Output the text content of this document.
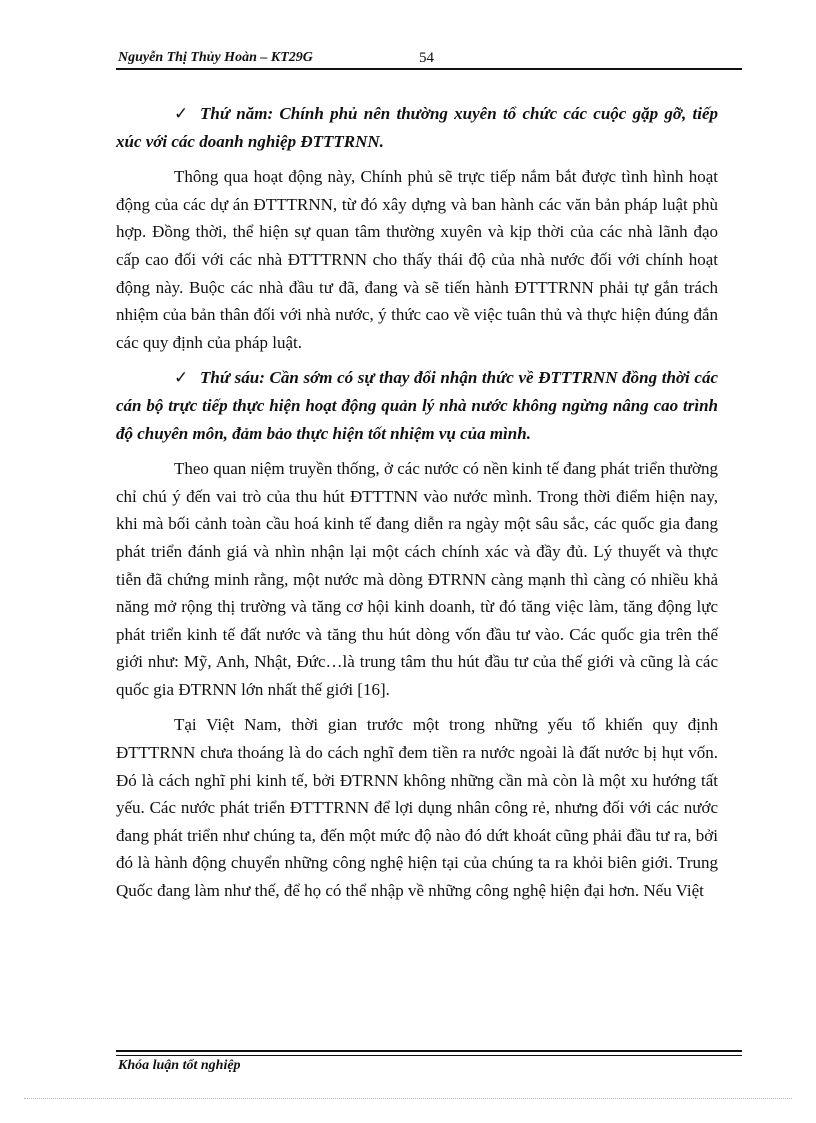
Nguyễn Thị Thủy Hoàn – KT29G	54

✓ Thứ năm: Chính phủ nên thường xuyên tổ chức các cuộc gặp gỡ, tiếp xúc với các doanh nghiệp ĐTTTRNN.

Thông qua hoạt động này, Chính phủ sẽ trực tiếp nắm bắt được tình hình hoạt động của các dự án ĐTTTRNN, từ đó xây dựng và ban hành các văn bản pháp luật phù hợp. Đồng thời, thể hiện sự quan tâm thường xuyên và kịp thời của các nhà lãnh đạo cấp cao đối với các nhà ĐTTTRNN cho thấy thái độ của nhà nước đối với chính hoạt động này. Buộc các nhà đầu tư đã, đang và sẽ tiến hành ĐTTTRNN phải tự gắn trách nhiệm của bản thân đối với nhà nước, ý thức cao về việc tuân thủ và thực hiện đúng đắn các quy định của pháp luật.

✓ Thứ sáu: Cần sớm có sự thay đổi nhận thức về ĐTTTRNN đồng thời các cán bộ trực tiếp thực hiện hoạt động quản lý nhà nước không ngừng nâng cao trình độ chuyên môn, đảm bảo thực hiện tốt nhiệm vụ của mình.

Theo quan niệm truyền thống, ở các nước có nền kinh tế đang phát triển thường chỉ chú ý đến vai trò của thu hút ĐTTTNN vào nước mình. Trong thời điểm hiện nay, khi mà bối cảnh toàn cầu hoá kinh tế đang diễn ra ngày một sâu sắc, các quốc gia đang phát triển đánh giá và nhìn nhận lại một cách chính xác và đầy đủ. Lý thuyết và thực tiễn đã chứng minh rằng, một nước mà dòng ĐTRNN càng mạnh thì càng có nhiều khả năng mở rộng thị trường và tăng cơ hội kinh doanh, từ đó tăng việc làm, tăng động lực phát triển kinh tế đất nước và tăng thu hút dòng vốn đầu tư vào. Các quốc gia trên thế giới như: Mỹ, Anh, Nhật, Đức…là trung tâm thu hút đầu tư của thế giới và cũng là các quốc gia ĐTRNN lớn nhất thế giới [16].

Tại Việt Nam, thời gian trước một trong những yếu tố khiến quy định ĐTTTRNN chưa thoáng là do cách nghĩ đem tiền ra nước ngoài là đất nước bị hụt vốn. Đó là cách nghĩ phi kinh tế, bởi ĐTRNN không những cần mà còn là một xu hướng tất yếu. Các nước phát triển ĐTTTRNN để lợi dụng nhân công rẻ, nhưng đối với các nước đang phát triển như chúng ta, đến một mức độ nào đó dứt khoát cũng phải đầu tư ra, bởi đó là hành động chuyển những công nghệ hiện tại của chúng ta ra khỏi biên giới. Trung Quốc đang làm như thế, để họ có thể nhập về những công nghệ hiện đại hơn. Nếu Việt

Khóa luận tốt nghiệp
